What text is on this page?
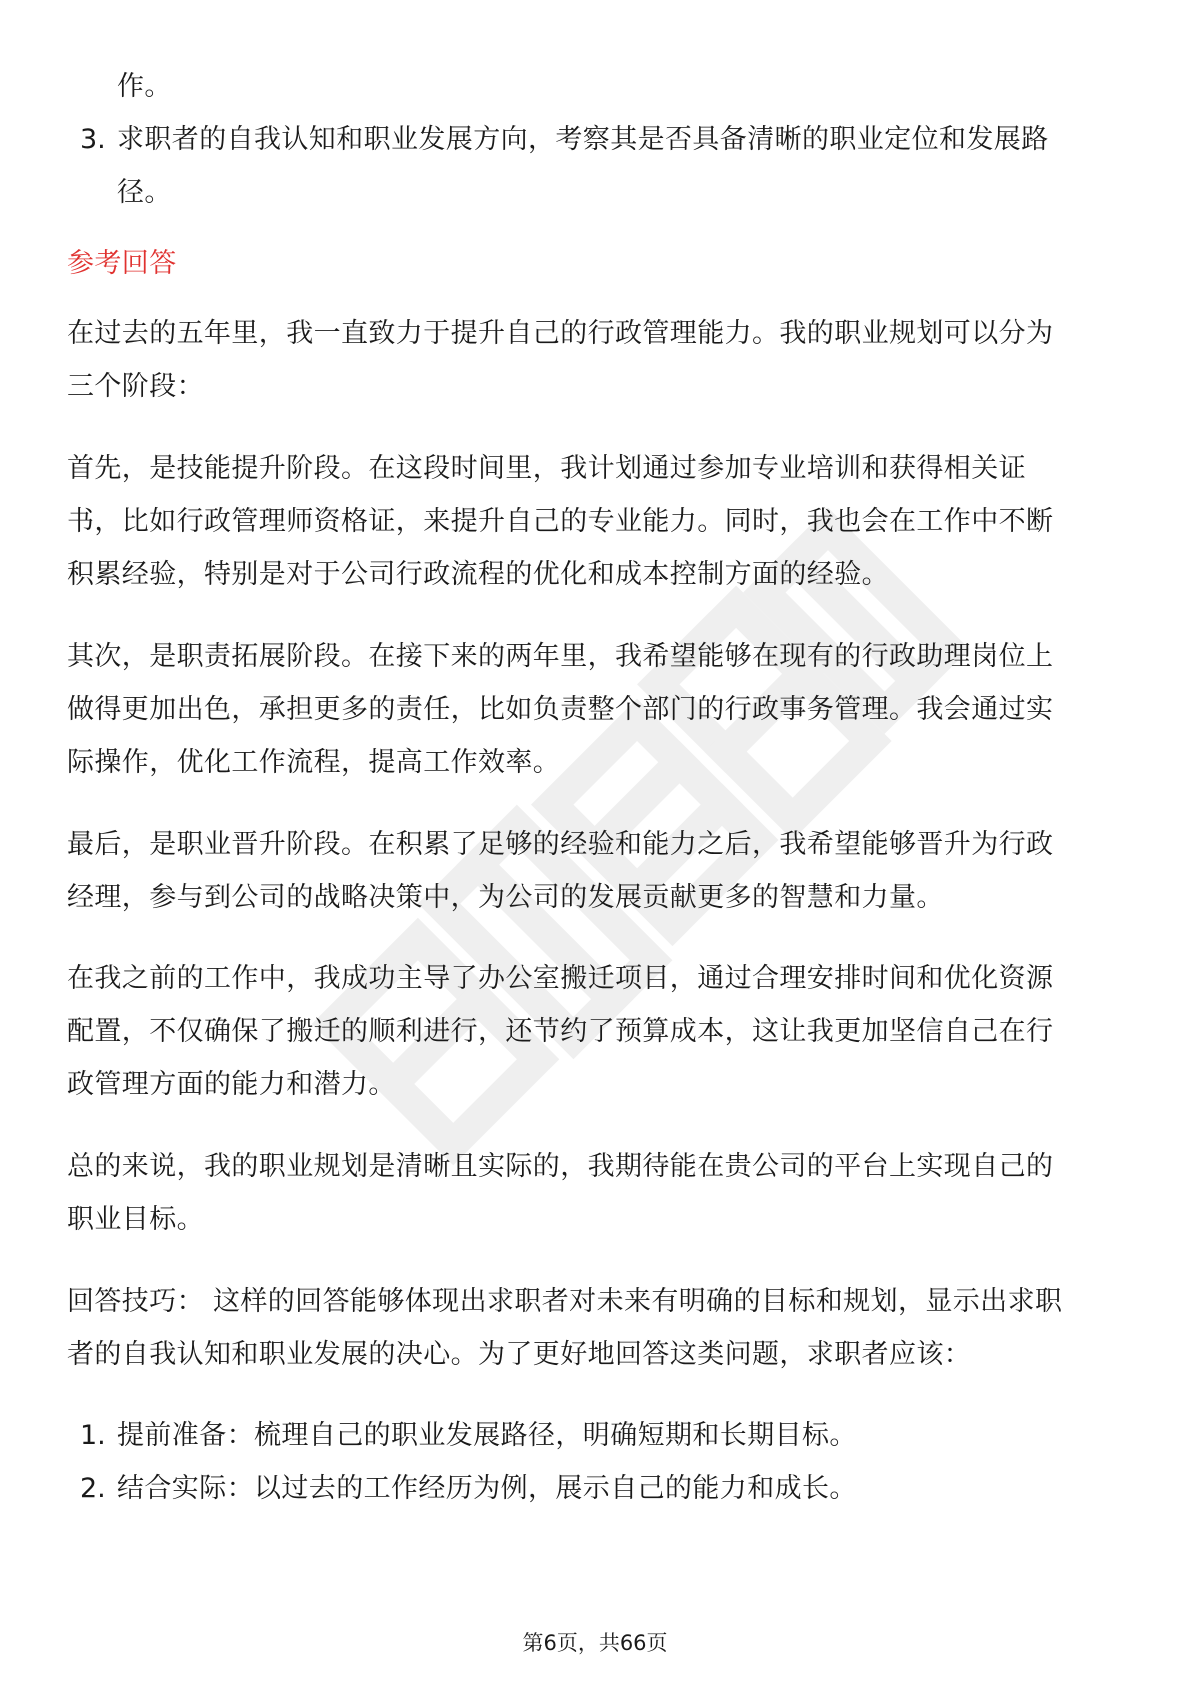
作。
3. 求职者的自我认知和职业发展方向，考察其是否具备清晰的职业定位和发展路
径。
参考回答
在过去的五年里，我一直致力于提升自己的行政管理能力。我的职业规划可以分为
三个阶段：
首先，是技能提升阶段。在这段时间里，我计划通过参加专业培训和获得相关证
书，比如行政管理师资格证，来提升自己的专业能力。同时，我也会在工作中不断
积累经验，特别是对于公司行政流程的优化和成本控制方面的经验。
其次，是职责拓展阶段。在接下来的两年里，我希望能够在现有的行政助理岗位上
做得更加出色，承担更多的责任，比如负责整个部门的行政事务管理。我会通过实
际操作，优化工作流程，提高工作效率。
最后，是职业晋升阶段。在积累了足够的经验和能力之后，我希望能够晋升为行政
经理，参与到公司的战略决策中，为公司的发展贡献更多的智慧和力量。
在我之前的工作中，我成功主导了办公室搬迁项目，通过合理安排时间和优化资源
配置，不仅确保了搬迁的顺利进行，还节约了预算成本，这让我更加坚信自己在行
政管理方面的能力和潜力。
总的来说，我的职业规划是清晰且实际的，我期待能在贵公司的平台上实现自己的
职业目标。
回答技巧： 这样的回答能够体现出求职者对未来有明确的目标和规划，显示出求职
者的自我认知和职业发展的决心。为了更好地回答这类问题，求职者应该：
1. 提前准备：梳理自己的职业发展路径，明确短期和长期目标。
2. 结合实际：以过去的工作经历为例，展示自己的能力和成长。
第6页，共66页
